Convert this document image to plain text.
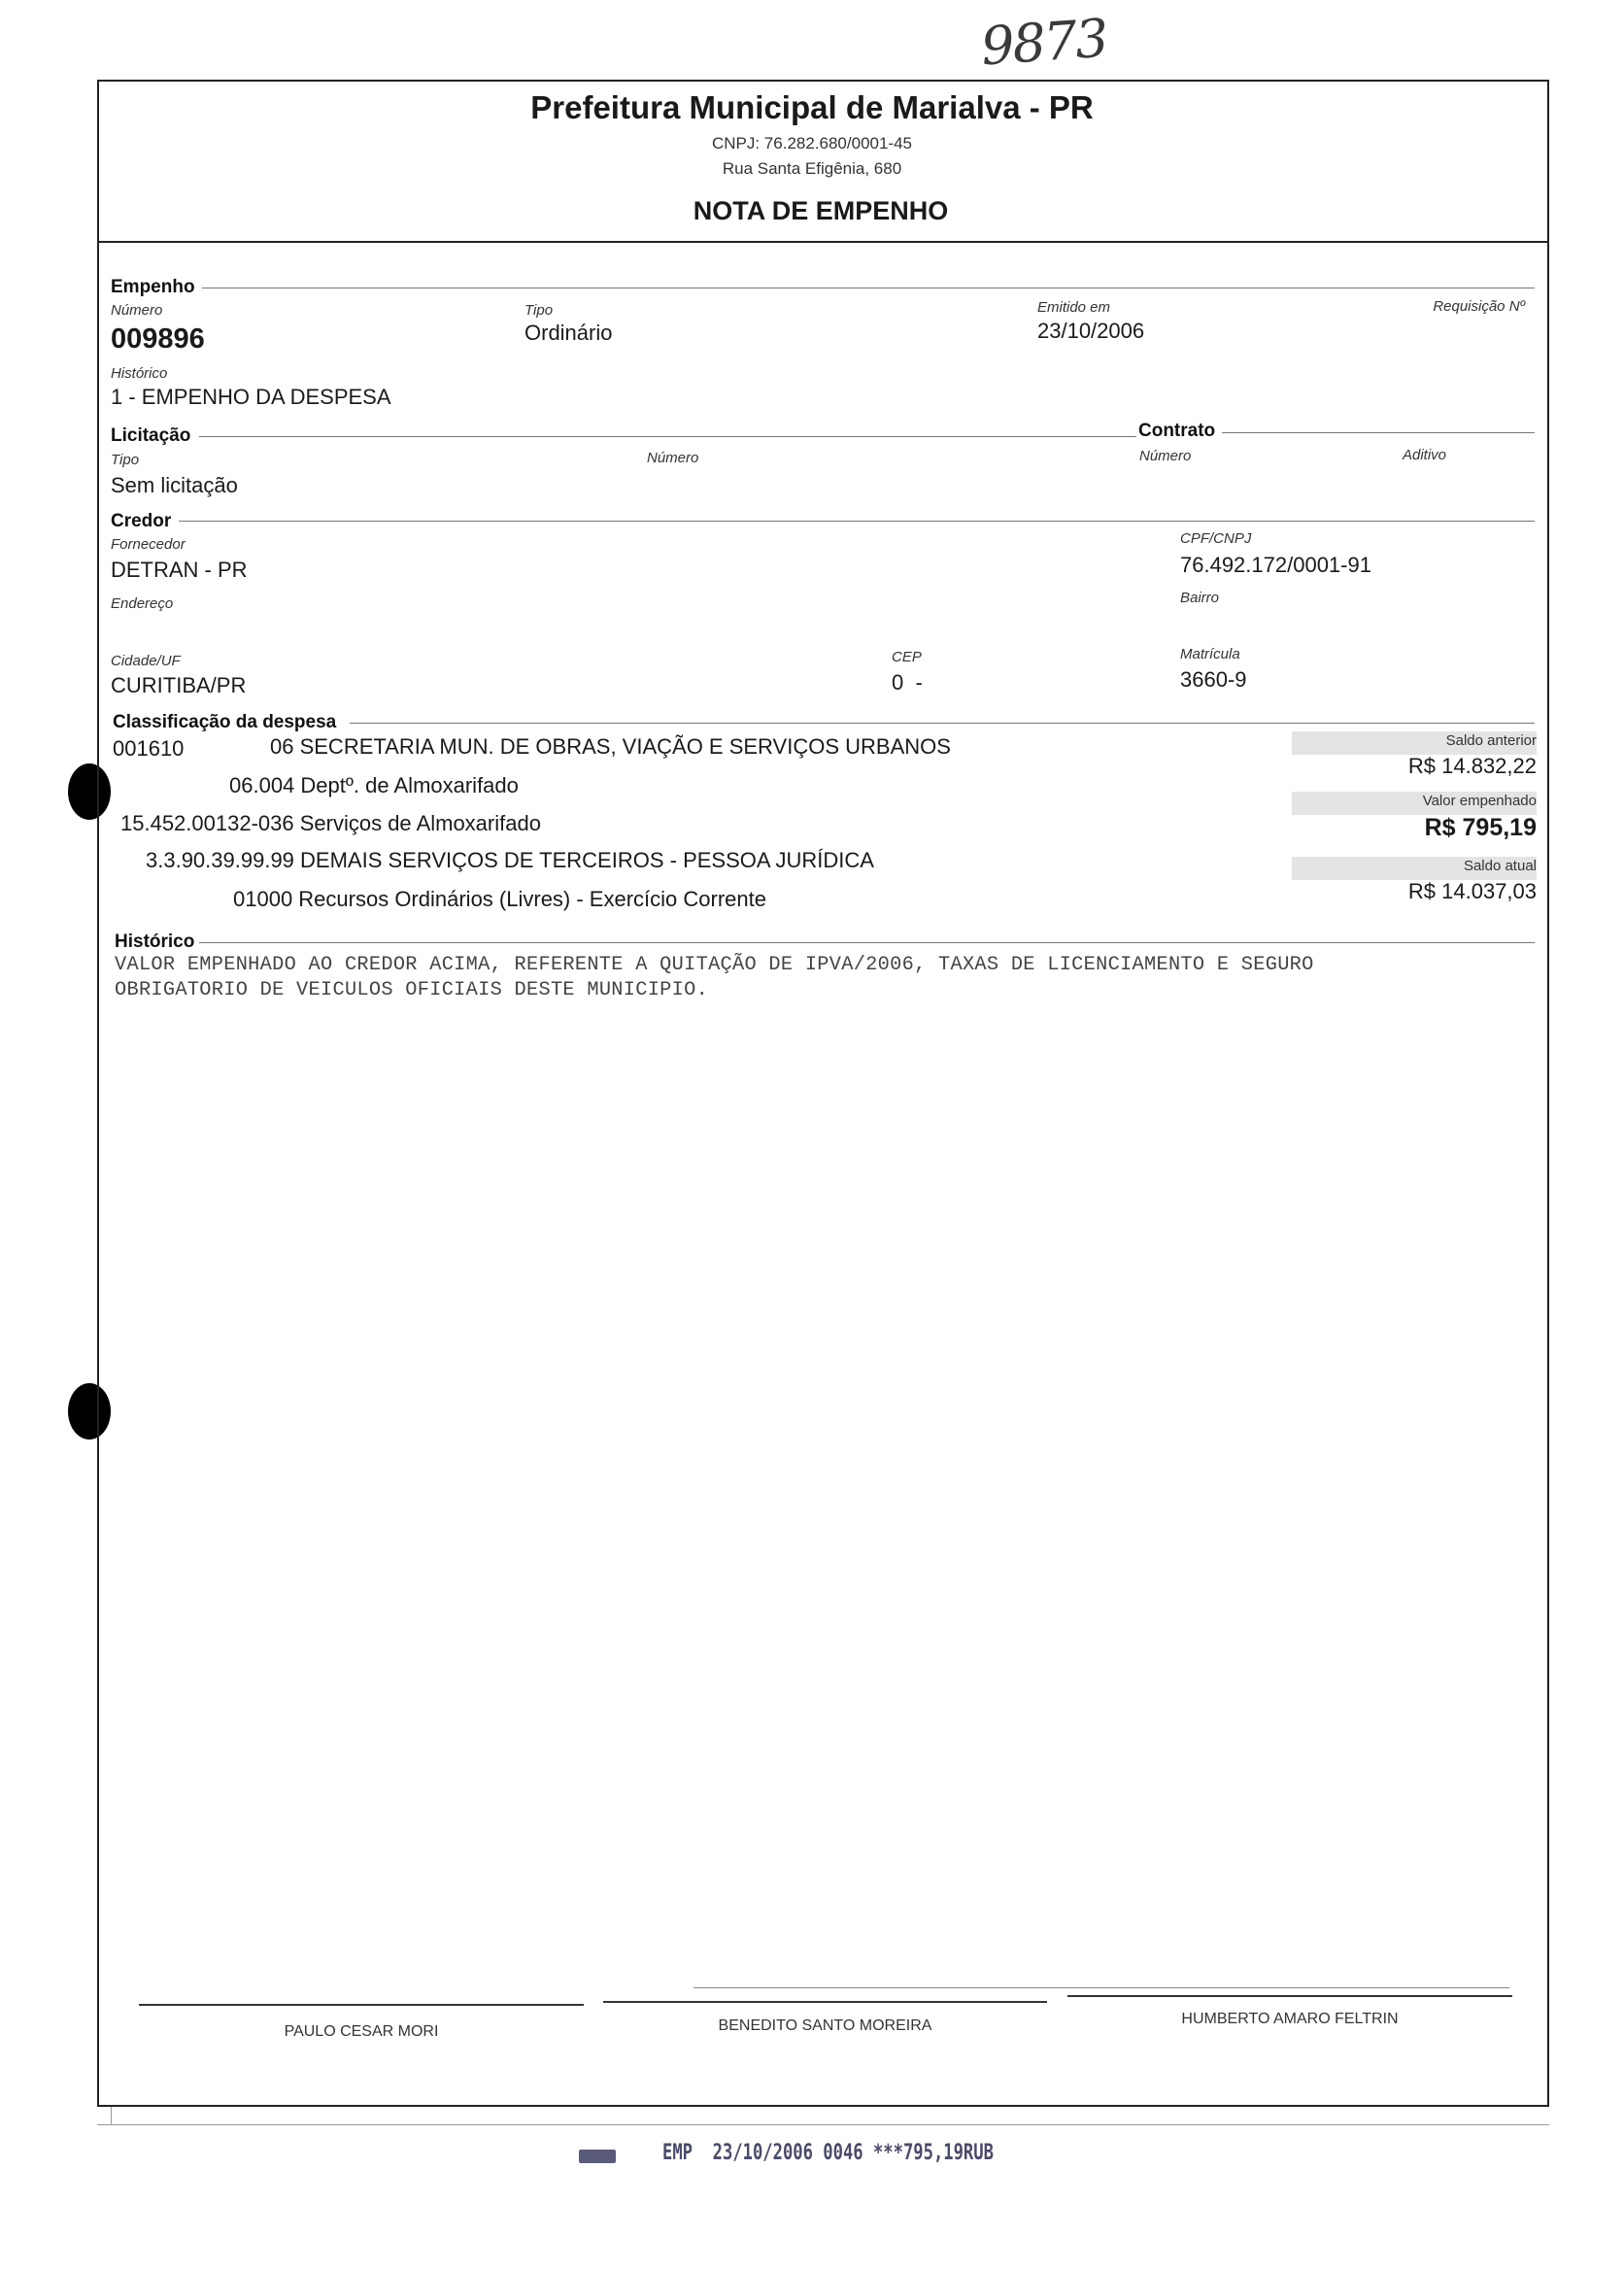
9873
Prefeitura Municipal de Marialva - PR
CNPJ: 76.282.680/0001-45
Rua Santa Efigênia, 680
NOTA DE EMPENHO
Empenho
Número
009896
Tipo
Ordinário
Emitido em
23/10/2006
Requisição Nº
Histórico
1 - EMPENHO DA DESPESA
Licitação	Contrato
Tipo
Sem licitação
Número	Número	Aditivo
Credor
Fornecedor
DETRAN - PR
CPF/CNPJ
76.492.172/0001-91
Endereço	Bairro
Cidade/UF
CURITIBA/PR
CEP
0  -
Matrícula
3660-9
Classificação da despesa
001610	06 SECRETARIA MUN. DE OBRAS, VIAÇÃO E SERVIÇOS URBANOS
06.004 Deptº. de Almoxarifado
15.452.00132-036 Serviços de Almoxarifado
3.3.90.39.99.99 DEMAIS SERVIÇOS DE TERCEIROS - PESSOA JURÍDICA
01000 Recursos Ordinários (Livres) - Exercício Corrente
Saldo anterior
R$ 14.832,22
Valor empenhado
R$ 795,19
Saldo atual
R$ 14.037,03
Histórico
VALOR EMPENHADO AO CREDOR ACIMA, REFERENTE A QUITAÇÃO DE IPVA/2006, TAXAS DE LICENCIAMENTO E SEGURO
OBRIGATORIO DE VEICULOS OFICIAIS DESTE MUNICIPIO.
PAULO CESAR MORI	BENEDITO SANTO MOREIRA	HUMBERTO AMARO FELTRIN
EMP  23/10/2006 0046 ***795,19RUB
